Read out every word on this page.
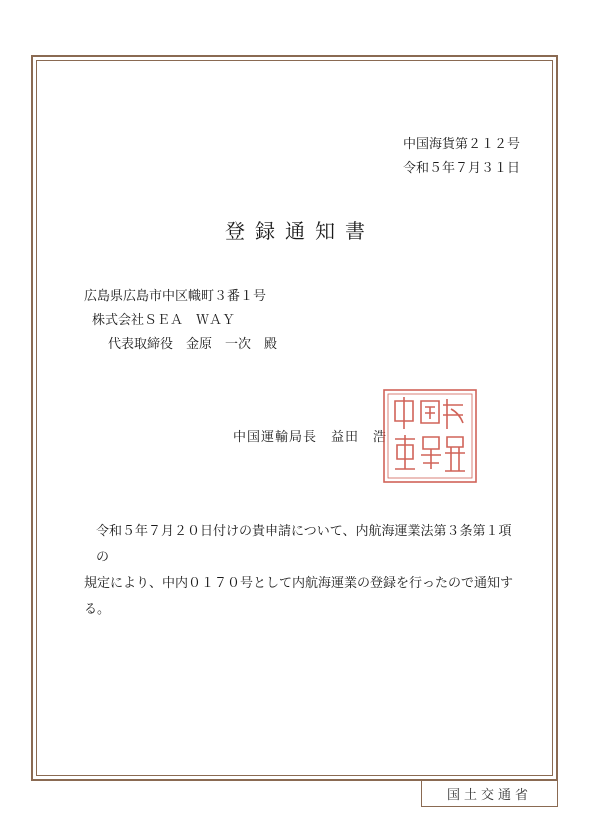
中国海貨第２１２号
令和５年７月３１日
登録通知書
広島県広島市中区幟町３番１号
株式会社ＳＥＡ　ＷＡＹ
代表取締役　金原　一次　殿
中国運輸局長　益田　浩
令和５年７月２０日付けの貴申請について、内航海運業法第３条第１項の
規定により、中内０１７０号として内航海運業の登録を行ったので通知する。
国土交通省
